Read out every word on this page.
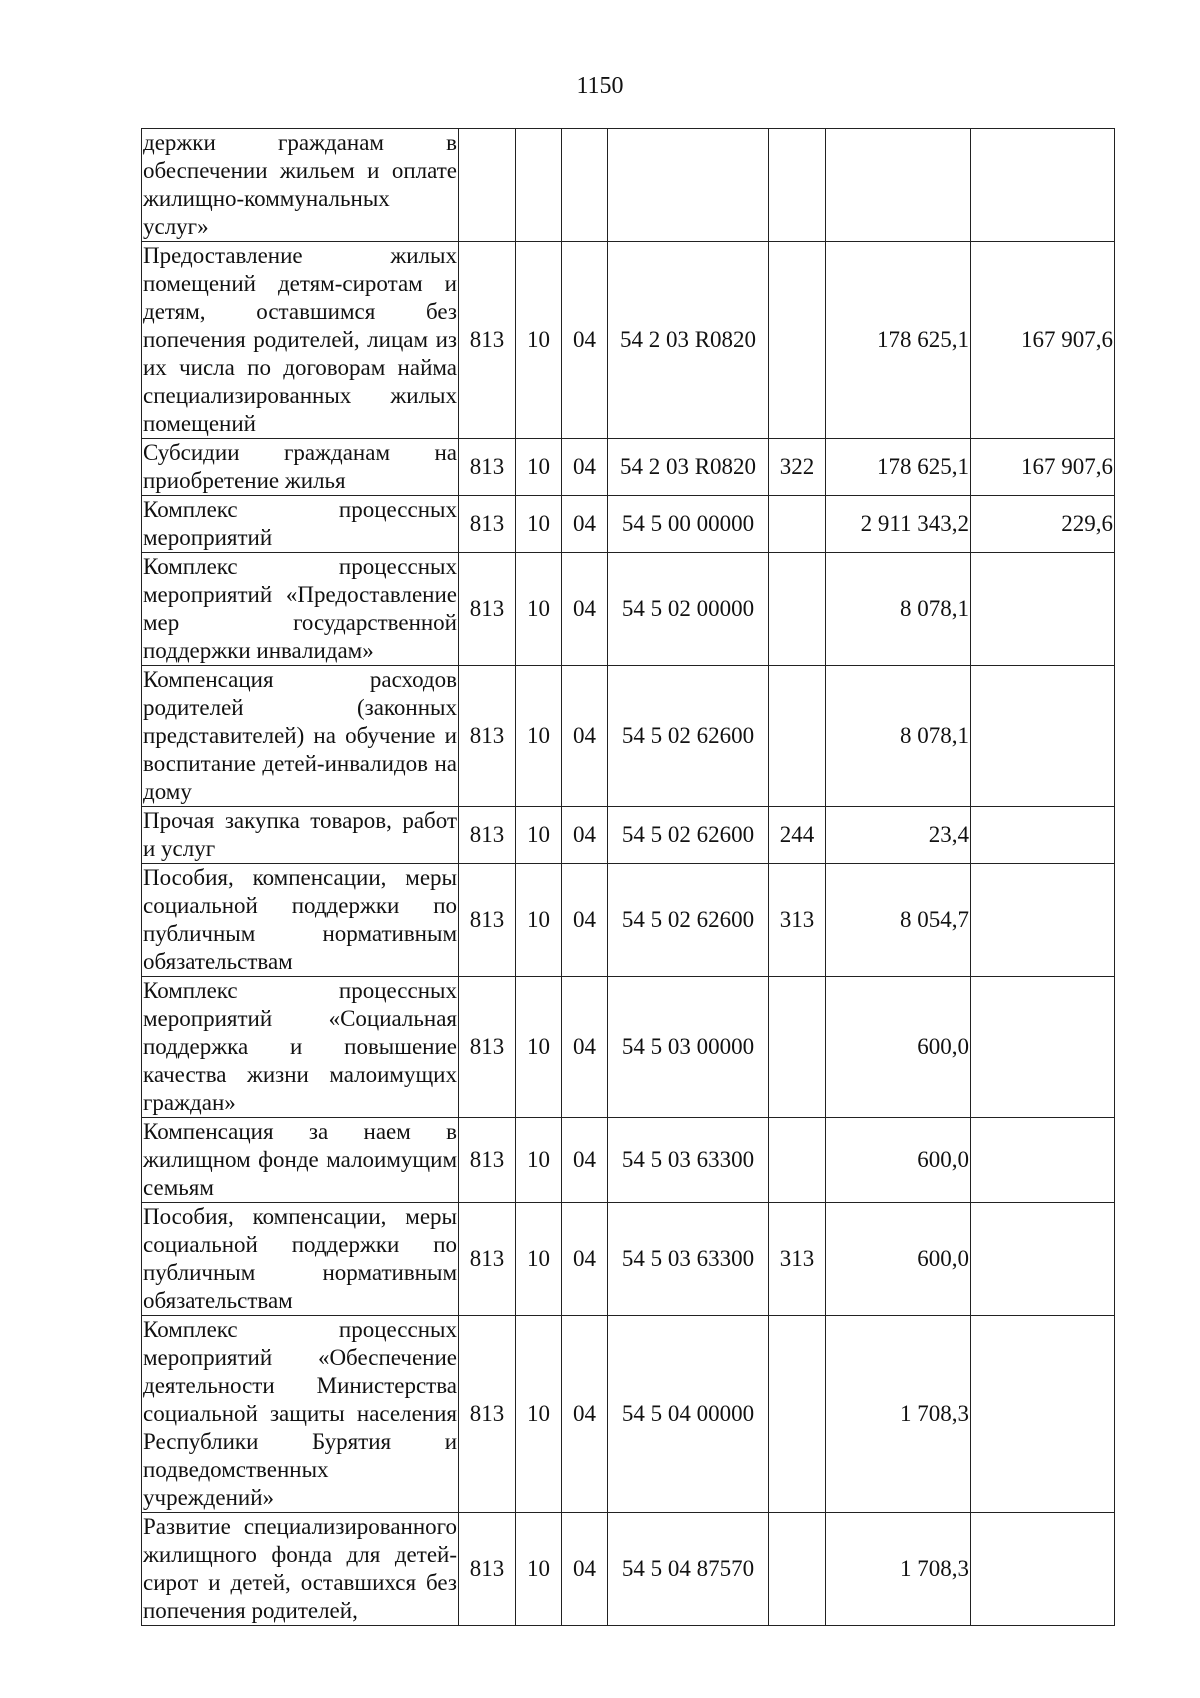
1150
держки гражданам в обеспечении жильем и оплате жилищно-коммунальных услуг»							
Предоставление жилых помещений детям-сиротам и детям, оставшимся без попечения родителей, лицам из их числа по договорам найма специализированных жилых помещений	813	10	04	54 2 03 R0820		178 625,1	167 907,6
Субсидии гражданам на приобретение жилья	813	10	04	54 2 03 R0820	322	178 625,1	167 907,6
Комплекс процессных мероприятий	813	10	04	54 5 00 00000		2 911 343,2	229,6
Комплекс процессных мероприятий «Предоставление мер государственной поддержки инвалидам»	813	10	04	54 5 02 00000		8 078,1	
Компенсация расходов родителей (законных представителей) на обучение и воспитание детей-инвалидов на дому	813	10	04	54 5 02 62600		8 078,1	
Прочая закупка товаров, работ и услуг	813	10	04	54 5 02 62600	244	23,4	
Пособия, компенсации, меры социальной поддержки по публичным нормативным обязательствам	813	10	04	54 5 02 62600	313	8 054,7	
Комплекс процессных мероприятий «Социальная поддержка и повышение качества жизни малоимущих граждан»	813	10	04	54 5 03 00000		600,0	
Компенсация за наем в жилищном фонде малоимущим семьям	813	10	04	54 5 03 63300		600,0	
Пособия, компенсации, меры социальной поддержки по публичным нормативным обязательствам	813	10	04	54 5 03 63300	313	600,0	
Комплекс процессных мероприятий «Обеспечение деятельности Министерства социальной защиты населения Республики Бурятия и подведомственных учреждений»	813	10	04	54 5 04 00000		1 708,3	
Развитие специализированного жилищного фонда для детей-сирот и детей, оставшихся без попечения родителей,	813	10	04	54 5 04 87570		1 708,3	
